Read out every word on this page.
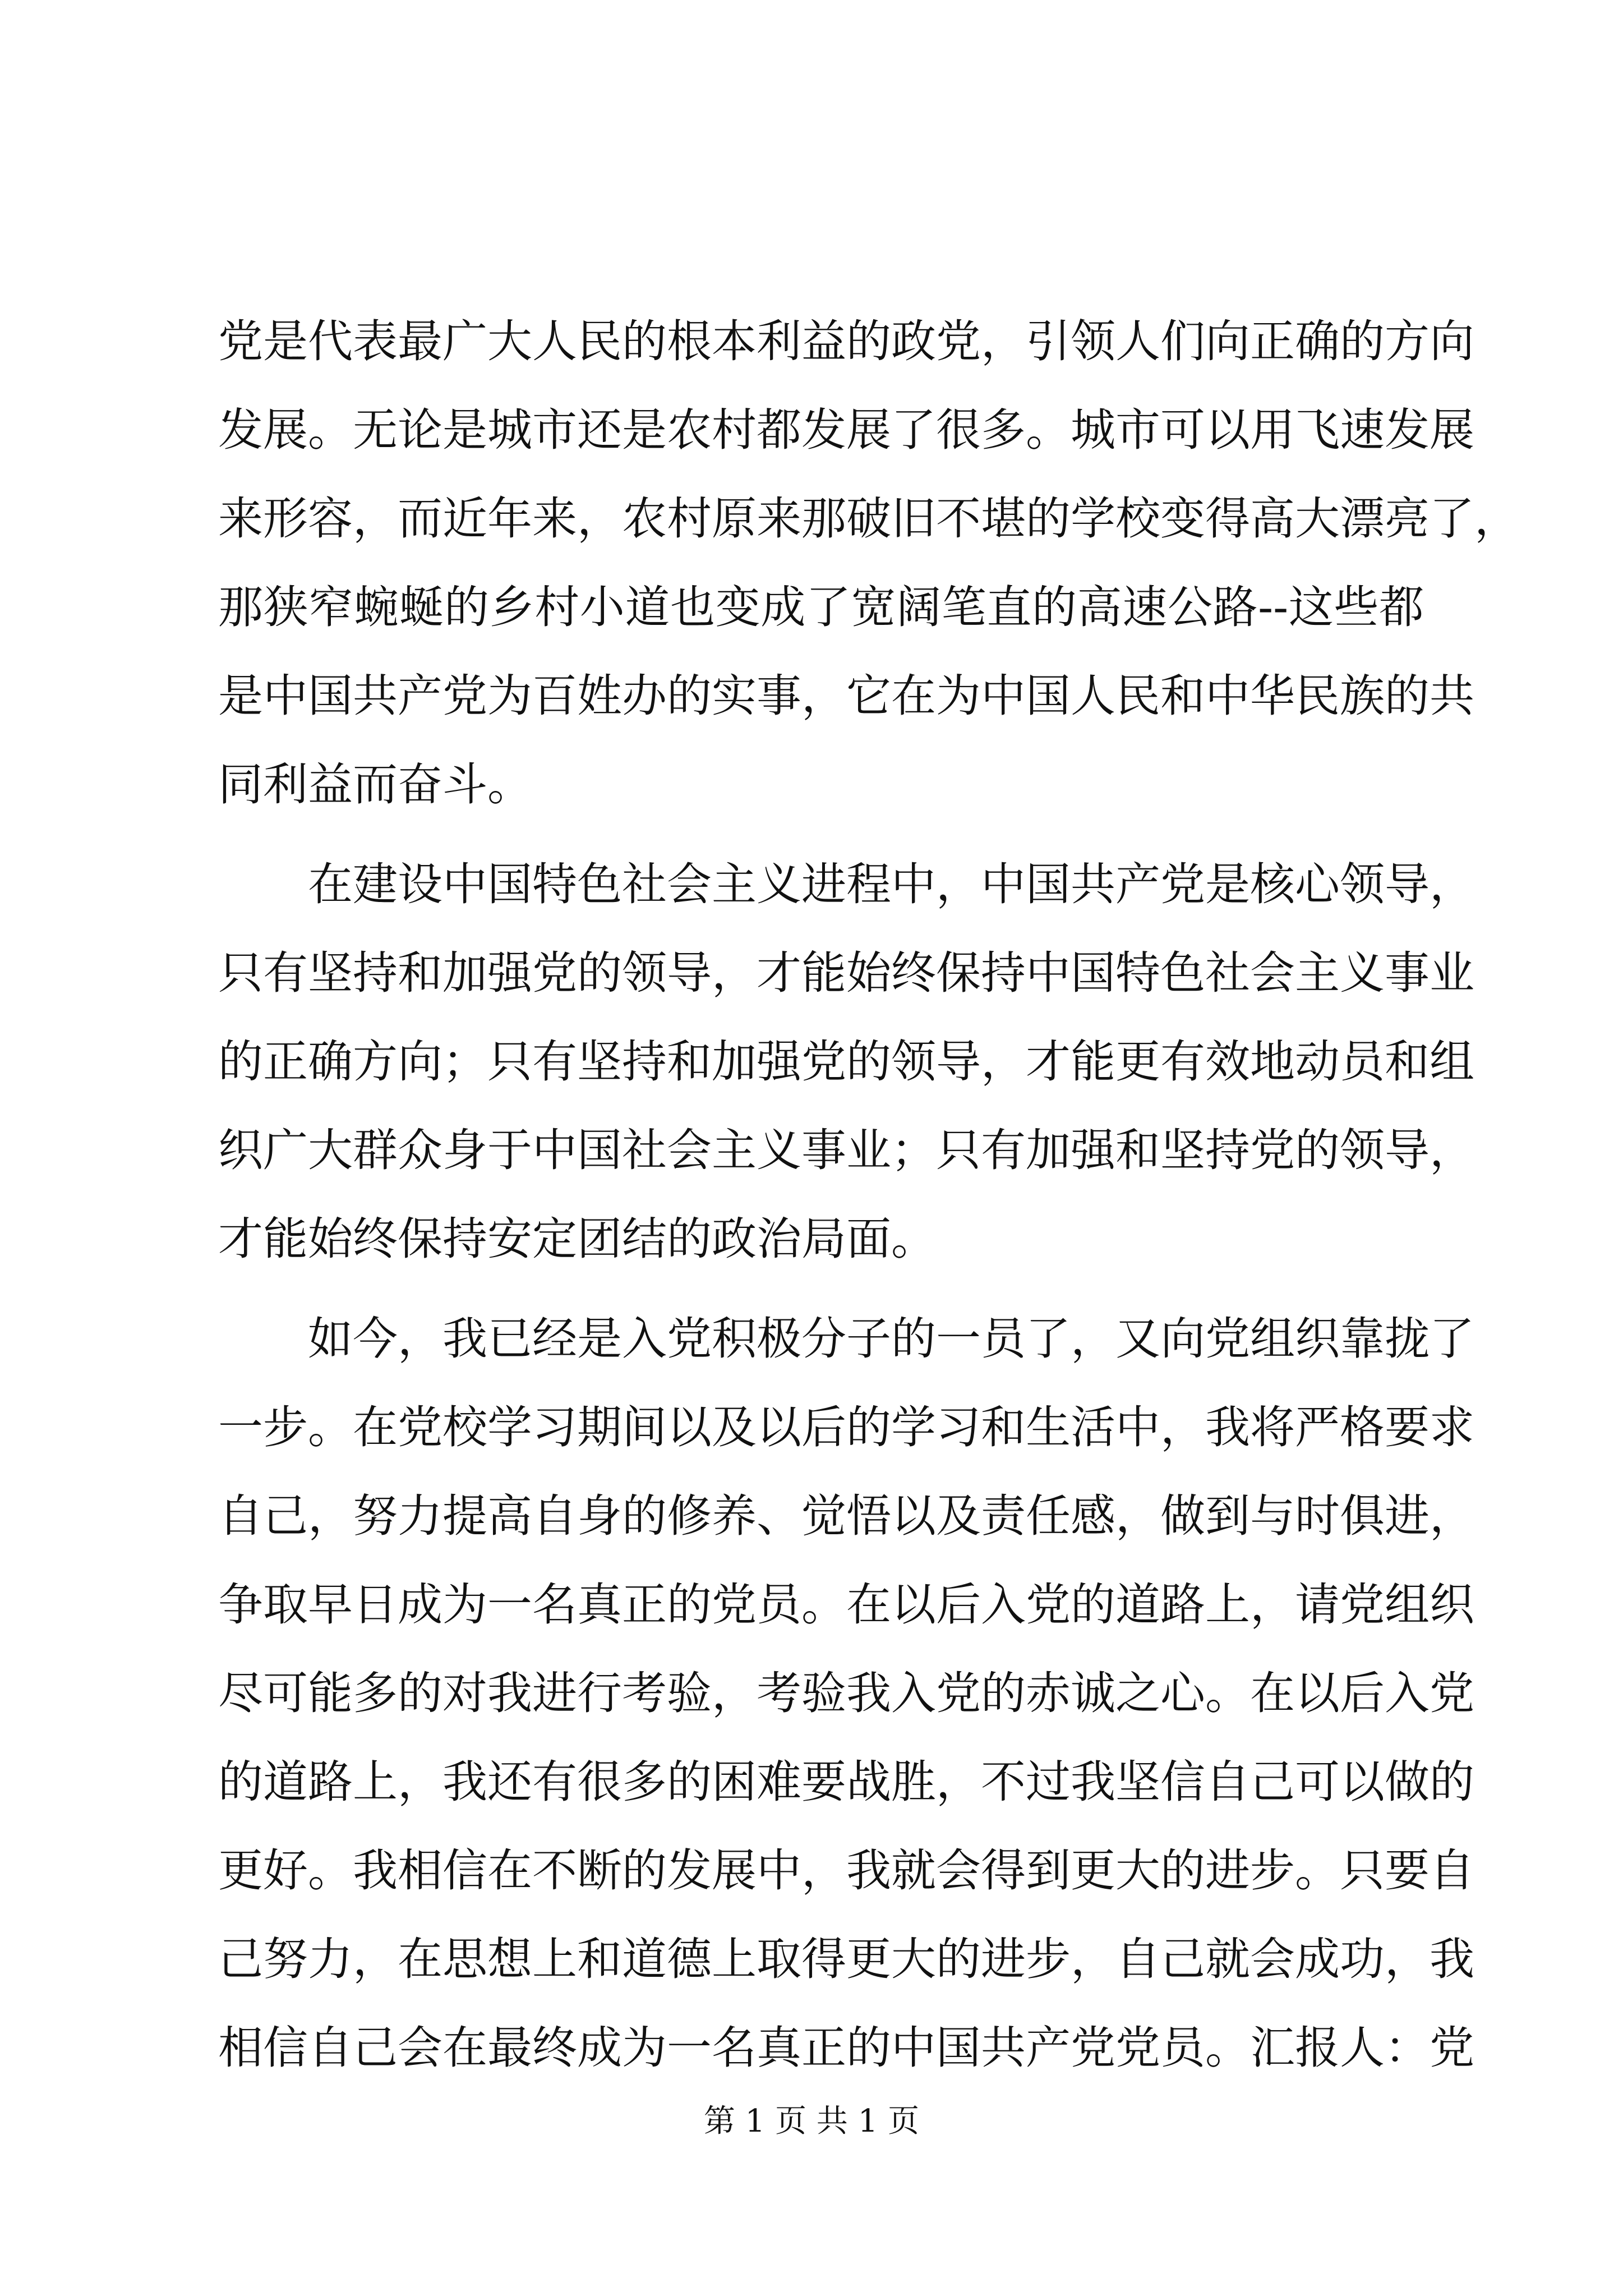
党是代表最广大人民的根本利益的政党，引领人们向正确的方向
发展。无论是城市还是农村都发展了很多。城市可以用飞速发展
来形容，而近年来，农村原来那破旧不堪的学校变得高大漂亮了，
那狭窄蜿蜒的乡村小道也变成了宽阔笔直的高速公路--这些都
是中国共产党为百姓办的实事，它在为中国人民和中华民族的共
同利益而奋斗。
在建设中国特色社会主义进程中，中国共产党是核心领导，
只有坚持和加强党的领导，才能始终保持中国特色社会主义事业
的正确方向；只有坚持和加强党的领导，才能更有效地动员和组
织广大群众身于中国社会主义事业；只有加强和坚持党的领导，
才能始终保持安定团结的政治局面。
如今，我已经是入党积极分子的一员了，又向党组织靠拢了
一步。在党校学习期间以及以后的学习和生活中，我将严格要求
自己，努力提高自身的修养、觉悟以及责任感，做到与时俱进，
争取早日成为一名真正的党员。在以后入党的道路上，请党组织
尽可能多的对我进行考验，考验我入党的赤诚之心。在以后入党
的道路上，我还有很多的困难要战胜，不过我坚信自己可以做的
更好。我相信在不断的发展中，我就会得到更大的进步。只要自
己努力，在思想上和道德上取得更大的进步，自己就会成功，我
相信自己会在最终成为一名真正的中国共产党党员。汇报人：党
第 1 页 共 1 页
